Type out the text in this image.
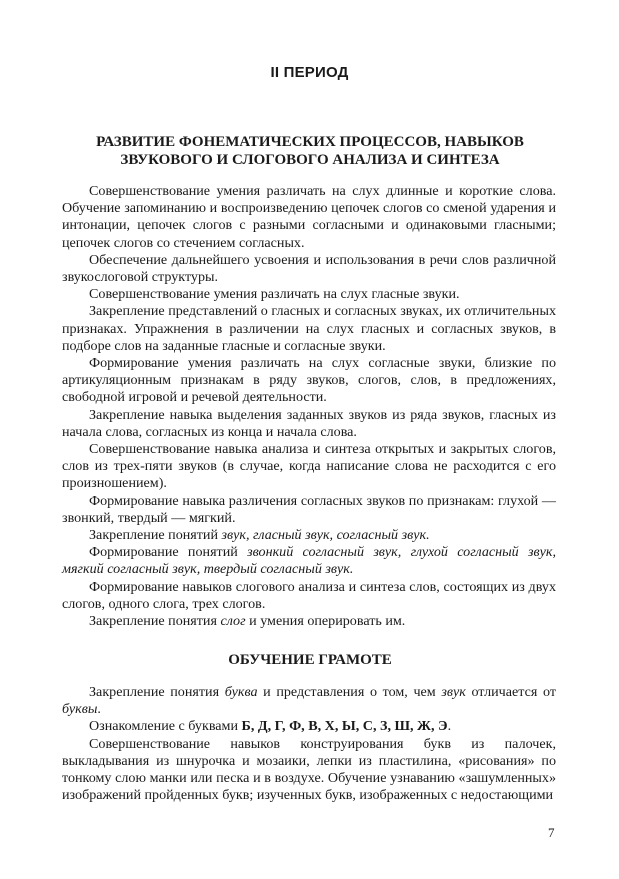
II ПЕРИОД
РАЗВИТИЕ ФОНЕМАТИЧЕСКИХ ПРОЦЕССОВ, НАВЫКОВ
ЗВУКОВОГО И СЛОГОВОГО АНАЛИЗА И СИНТЕЗА

Совершенствование умения различать на слух длинные и короткие слова. Обучение запоминанию и воспроизведению цепочек слогов со сменой ударения и интонации, цепочек слогов с разными согласными и одинаковыми гласными; цепочек слогов со стечением согласных.

Обеспечение дальнейшего усвоения и использования в речи слов различной звукослоговой структуры.

Совершенствование умения различать на слух гласные звуки.

Закрепление представлений о гласных и согласных звуках, их отличительных признаках. Упражнения в различении на слух гласных и согласных звуков, в подборе слов на заданные гласные и согласные звуки.

Формирование умения различать на слух согласные звуки, близкие по артикуляционным признакам в ряду звуков, слогов, слов, в предложениях, свободной игровой и речевой деятельности.

Закрепление навыка выделения заданных звуков из ряда звуков, гласных из начала слова, согласных из конца и начала слова.

Совершенствование навыка анализа и синтеза открытых и закрытых слогов, слов из трех-пяти звуков (в случае, когда написание слова не расходится с его произношением).

Формирование навыка различения согласных звуков по признакам: глухой — звонкий, твердый — мягкий.

Закрепление понятий звук, гласный звук, согласный звук.

Формирование понятий звонкий согласный звук, глухой согласный звук, мягкий согласный звук, твердый согласный звук.

Формирование навыков слогового анализа и синтеза слов, состоящих из двух слогов, одного слога, трех слогов.

Закрепление понятия слог и умения оперировать им.

ОБУЧЕНИЕ ГРАМОТЕ

Закрепление понятия буква и представления о том, чем звук отличается от буквы.

Ознакомление с буквами Б, Д, Г, Ф, В, Х, Ы, С, З, Ш, Ж, Э.

Совершенствование навыков конструирования букв из палочек, выкладывания из шнурочка и мозаики, лепки из пластилина, «рисования» по тонкому слою манки или песка и в воздухе. Обучение узнаванию «зашумленных» изображений пройденных букв; изученных букв, изображенных с недостающими

7
